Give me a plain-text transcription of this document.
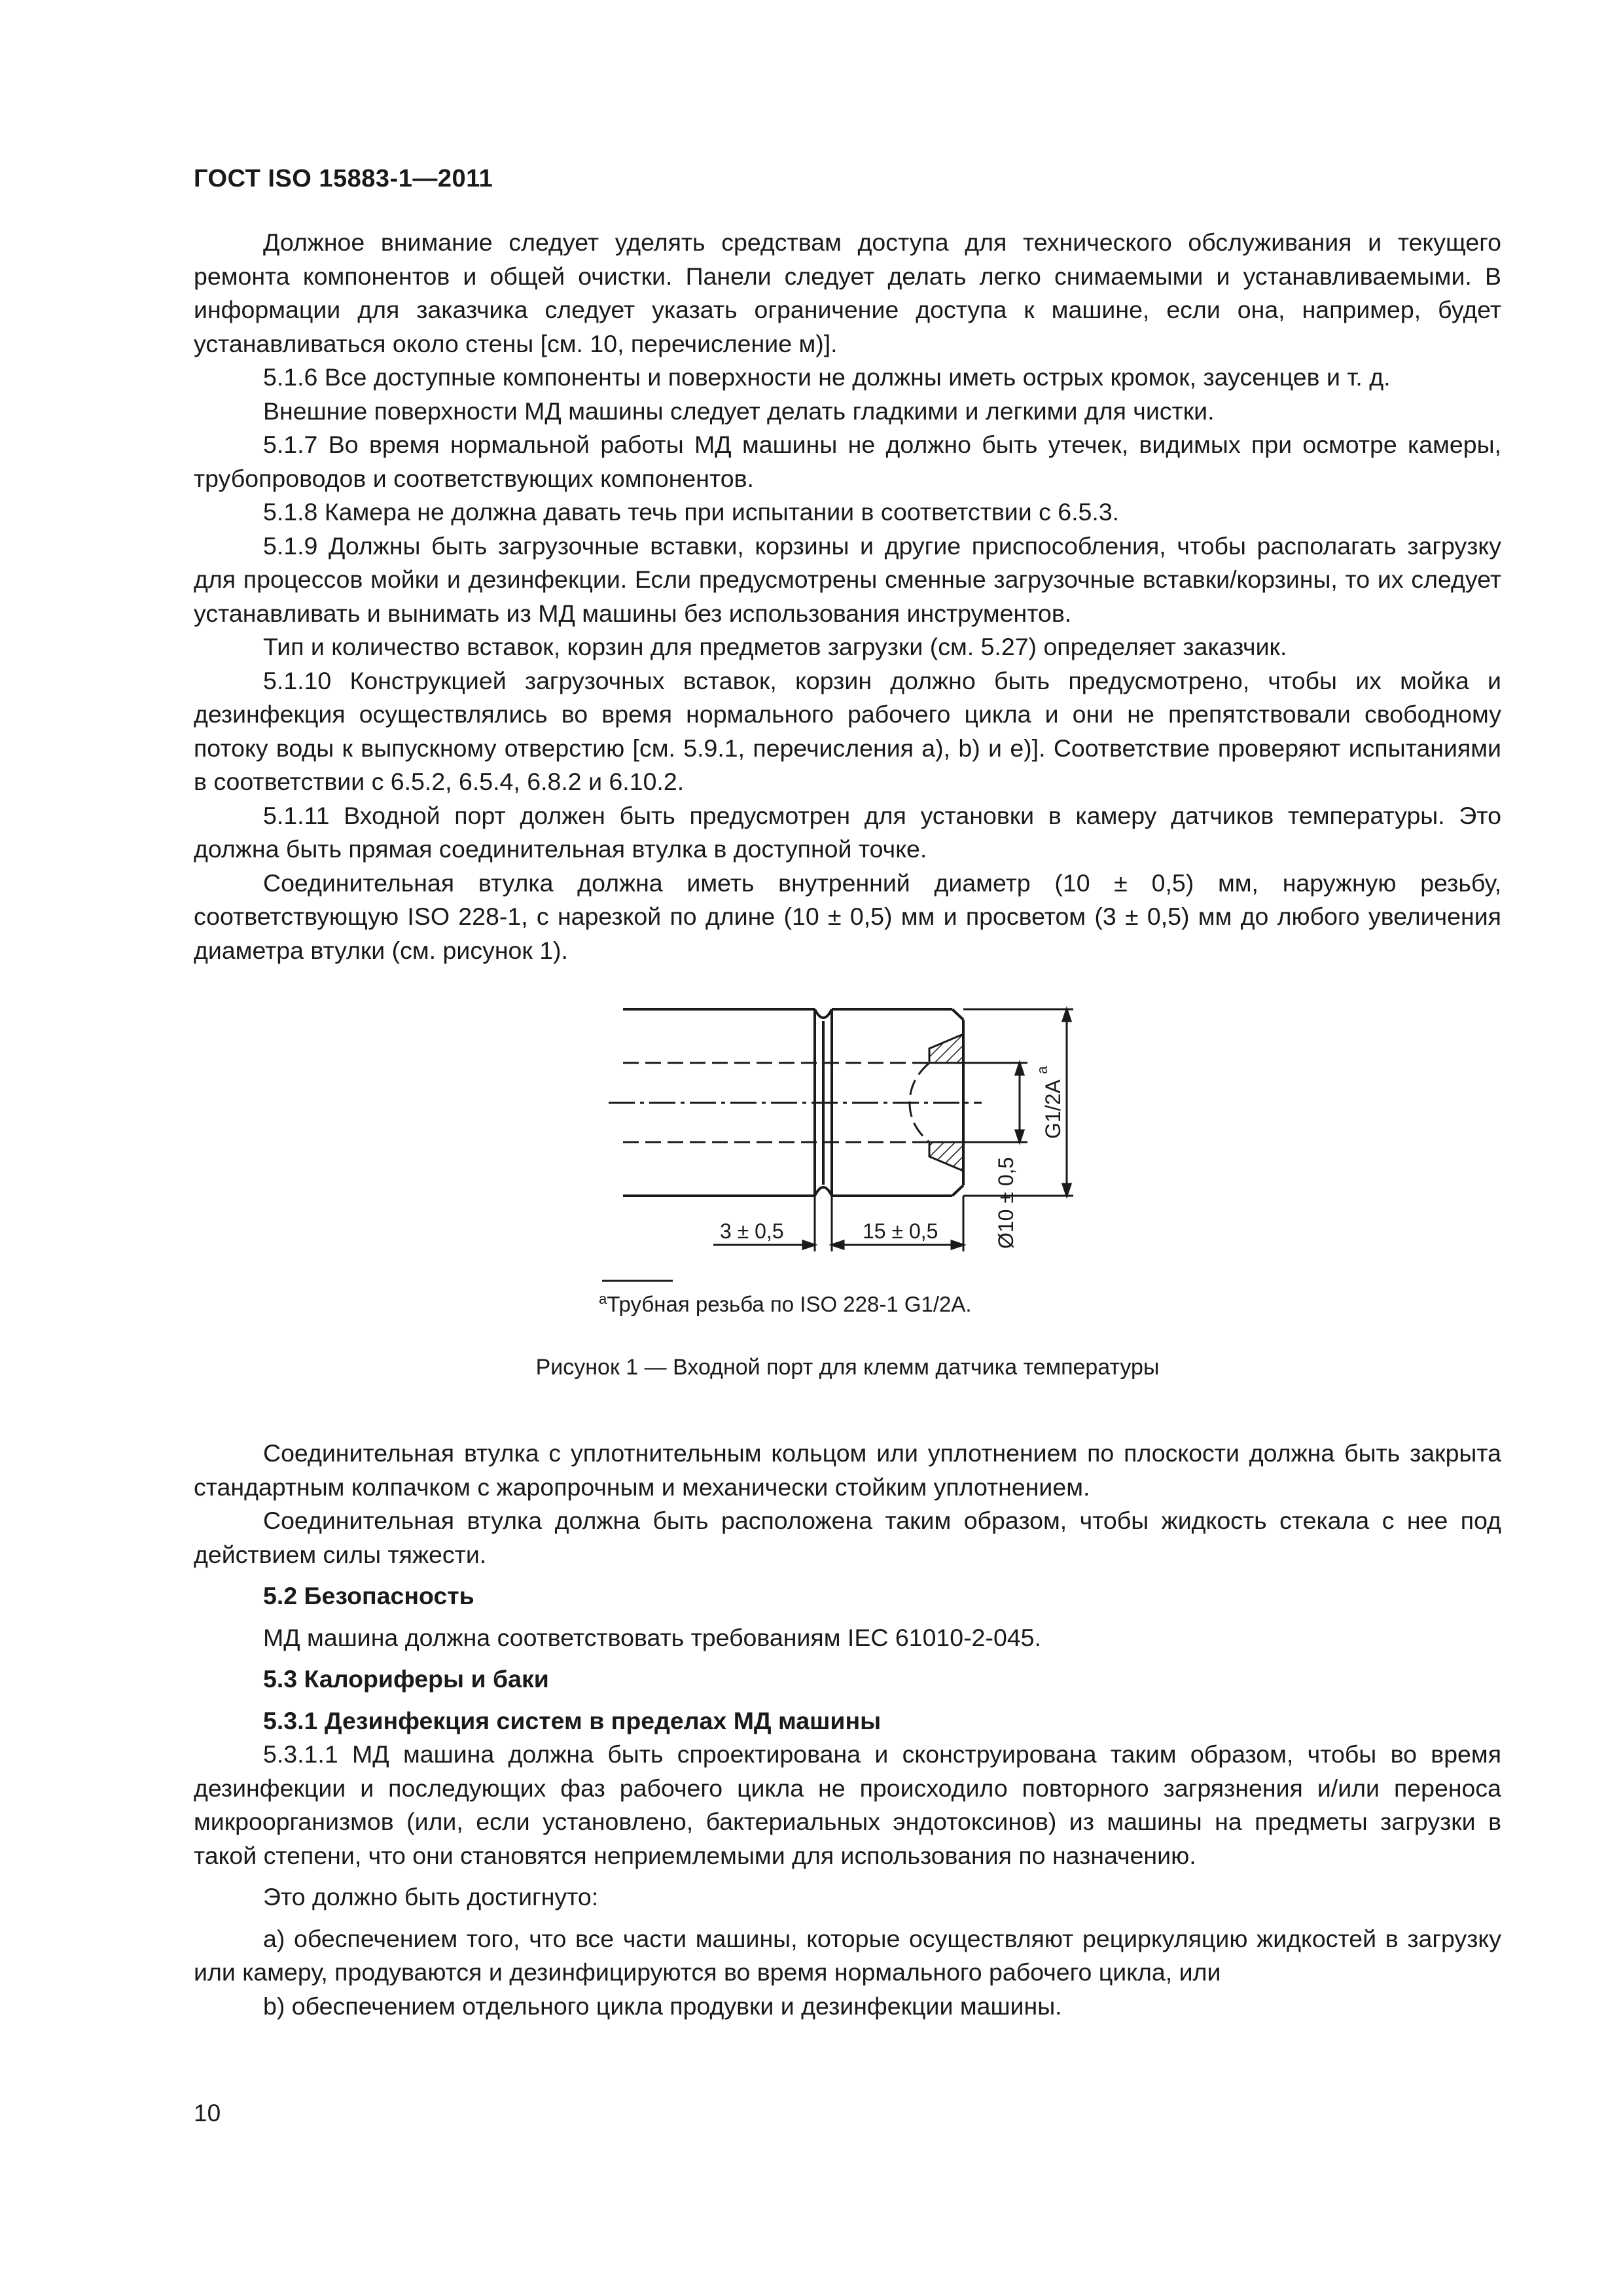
ГОСТ ISO 15883-1—2011

Должное внимание следует уделять средствам доступа для технического обслуживания и текущего ремонта компонентов и общей очистки. Панели следует делать легко снимаемыми и устанавливаемыми. В информации для заказчика следует указать ограничение доступа к машине, если она, например, будет устанавливаться около стены [см. 10, перечисление м)].

5.1.6 Все доступные компоненты и поверхности не должны иметь острых кромок, заусенцев и т. д.

Внешние поверхности МД машины следует делать гладкими и легкими для чистки.

5.1.7 Во время нормальной работы МД машины не должно быть утечек, видимых при осмотре камеры, трубопроводов и соответствующих компонентов.

5.1.8 Камера не должна давать течь при испытании в соответствии с 6.5.3.

5.1.9 Должны быть загрузочные вставки, корзины и другие приспособления, чтобы располагать загрузку для процессов мойки и дезинфекции. Если предусмотрены сменные загрузочные вставки/корзины, то их следует устанавливать и вынимать из МД машины без использования инструментов.

Тип и количество вставок, корзин для предметов загрузки (см. 5.27) определяет заказчик.

5.1.10 Конструкцией загрузочных вставок, корзин должно быть предусмотрено, чтобы их мойка и дезинфекция осуществлялись во время нормального рабочего цикла и они не препятствовали свободному потоку воды к выпускному отверстию [см. 5.9.1, перечисления a), b) и e)]. Соответствие проверяют испытаниями в соответствии с 6.5.2, 6.5.4, 6.8.2 и 6.10.2.

5.1.11 Входной порт должен быть предусмотрен для установки в камеру датчиков температуры. Это должна быть прямая соединительная втулка в доступной точке.

Соединительная втулка должна иметь внутренний диаметр (10 ± 0,5) мм, наружную резьбу, соответствующую ISO 228-1, с нарезкой по длине (10 ± 0,5) мм и просветом (3 ± 0,5) мм до любого увеличения диаметра втулки (см. рисунок 1).

Ø10 ± 0,5
G1/2A
a
3 ± 0,5	15 ± 0,5
$^a$Трубная резьба по ISO 228-1 G1/2A.
Рисунок 1 — Входной порт для клемм датчика температуры

Соединительная втулка с уплотнительным кольцом или уплотнением по плоскости должна быть закрыта стандартным колпачком с жаропрочным и механически стойким уплотнением.

Соединительная втулка должна быть расположена таким образом, чтобы жидкость стекала с нее под действием силы тяжести.

5.2 Безопасность

МД машина должна соответствовать требованиям IEC 61010-2-045.

5.3 Калориферы и баки
5.3.1 Дезинфекция систем в пределах МД машины

5.3.1.1 МД машина должна быть спроектирована и сконструирована таким образом, чтобы во время дезинфекции и последующих фаз рабочего цикла не происходило повторного загрязнения и/или переноса микроорганизмов (или, если установлено, бактериальных эндотоксинов) из машины на предметы загрузки в такой степени, что они становятся неприемлемыми для использования по назначению.

Это должно быть достигнуто:

a) обеспечением того, что все части машины, которые осуществляют рециркуляцию жидкостей в загрузку или камеру, продуваются и дезинфицируются во время нормального рабочего цикла, или

b) обеспечением отдельного цикла продувки и дезинфекции машины.

10
